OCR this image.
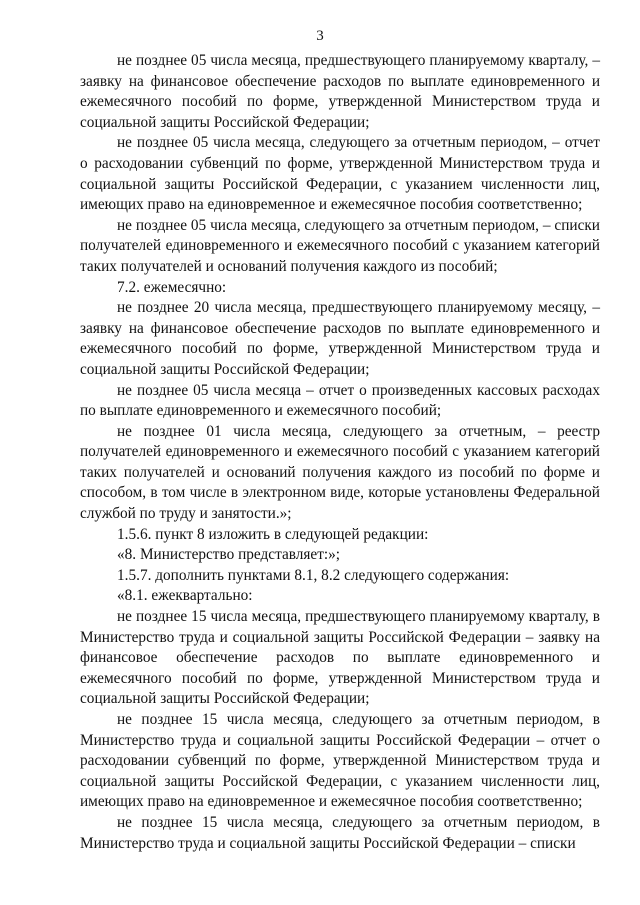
3

не позднее 05 числа месяца, предшествующего планируемому кварталу, – заявку на финансовое обеспечение расходов по выплате единовременного и ежемесячного пособий по форме, утвержденной Министерством труда и социальной защиты Российской Федерации;

не позднее 05 числа месяца, следующего за отчетным периодом, – отчет о расходовании субвенций по форме, утвержденной Министерством труда и социальной защиты Российской Федерации, с указанием численности лиц, имеющих право на единовременное и ежемесячное пособия соответственно;

не позднее 05 числа месяца, следующего за отчетным периодом, – списки получателей единовременного и ежемесячного пособий с указанием категорий таких получателей и оснований получения каждого из пособий;

7.2. ежемесячно:

не позднее 20 числа месяца, предшествующего планируемому месяцу, – заявку на финансовое обеспечение расходов по выплате единовременного и ежемесячного пособий по форме, утвержденной Министерством труда и социальной защиты Российской Федерации;

не позднее 05 числа месяца – отчет о произведенных кассовых расходах по выплате единовременного и ежемесячного пособий;

не позднее 01 числа месяца, следующего за отчетным, – реестр получателей единовременного и ежемесячного пособий с указанием категорий таких получателей и оснований получения каждого из пособий по форме и способом, в том числе в электронном виде, которые установлены Федеральной службой по труду и занятости.»;

1.5.6. пункт 8 изложить в следующей редакции:

«8. Министерство представляет:»;

1.5.7. дополнить пунктами 8.1, 8.2 следующего содержания:

«8.1. ежеквартально:

не позднее 15 числа месяца, предшествующего планируемому кварталу, в Министерство труда и социальной защиты Российской Федерации – заявку на финансовое обеспечение расходов по выплате единовременного и ежемесячного пособий по форме, утвержденной Министерством труда и социальной защиты Российской Федерации;

не позднее 15 числа месяца, следующего за отчетным периодом, в Министерство труда и социальной защиты Российской Федерации – отчет о расходовании субвенций по форме, утвержденной Министерством труда и социальной защиты Российской Федерации, с указанием численности лиц, имеющих право на единовременное и ежемесячное пособия соответственно;

не позднее 15 числа месяца, следующего за отчетным периодом, в Министерство труда и социальной защиты Российской Федерации – списки
